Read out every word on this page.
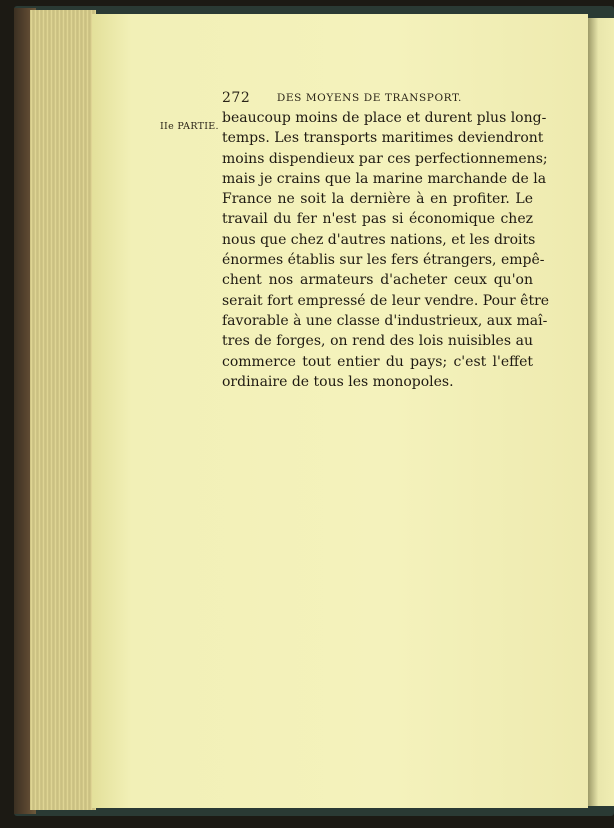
272	DES MOYENS DE TRANSPORT.
IIe PARTIE.
beaucoup moins de place et durent plus long-
temps. Les transports maritimes deviendront
moins dispendieux par ces perfectionnemens;
mais je crains que la marine marchande de la
France ne soit la dernière à en profiter. Le
travail du fer n'est pas si économique chez
nous que chez d'autres nations, et les droits
énormes établis sur les fers étrangers, empê-
chent nos armateurs d'acheter ceux qu'on
serait fort empressé de leur vendre. Pour être
favorable à une classe d'industrieux, aux maî-
tres de forges, on rend des lois nuisibles au
commerce tout entier du pays; c'est l'effet
ordinaire de tous les monopoles.
